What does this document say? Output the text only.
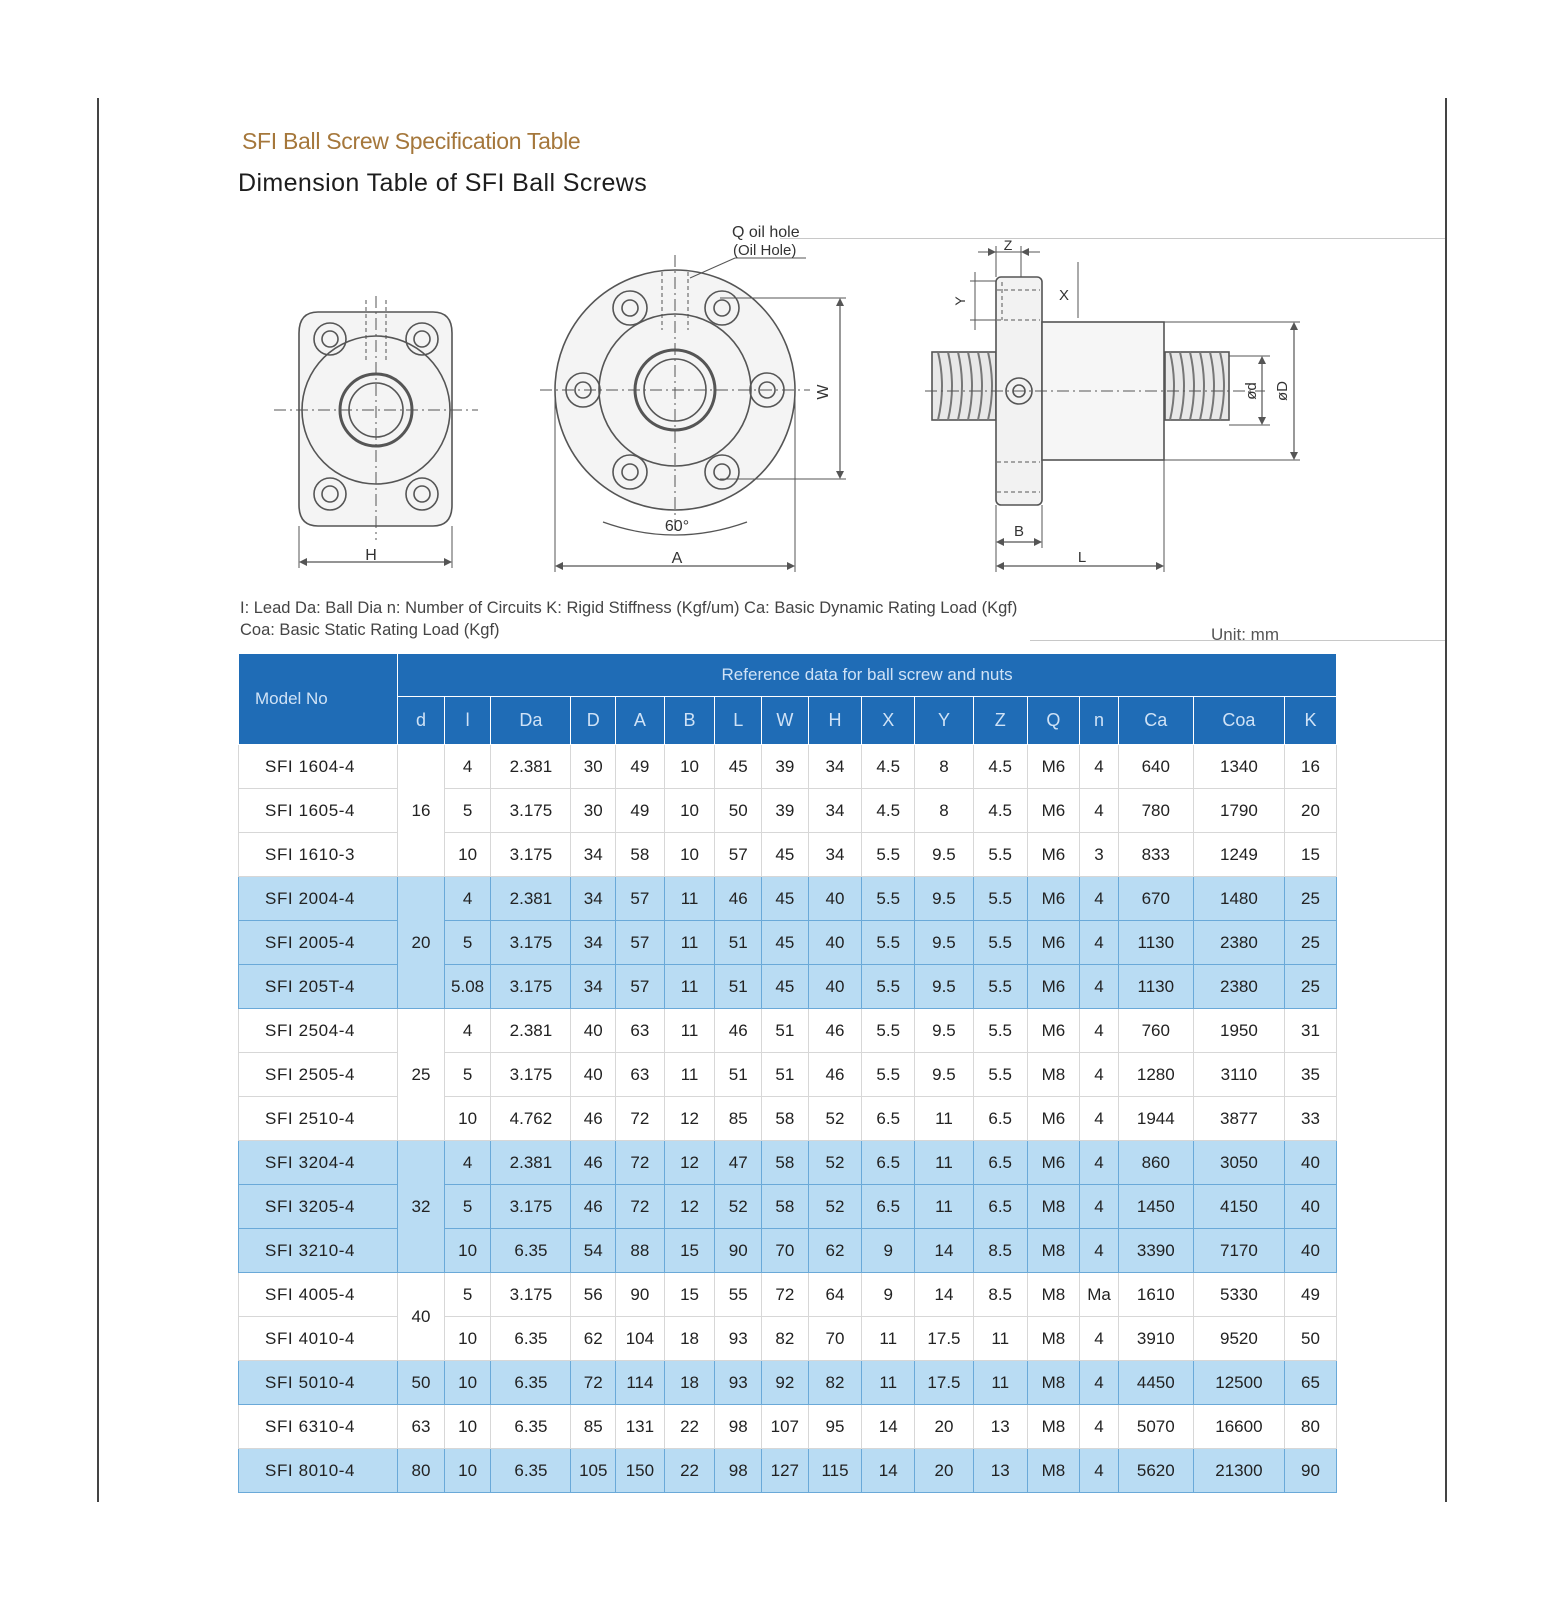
SFI Ball Screw Specification Table
Dimension Table of SFI Ball Screws
H
Q oil hole
(Oil Hole)
60°
A
W
Z
Y	X
B
L
ød øD
I: Lead Da: Ball Dia n: Number of Circuits K: Rigid Stiffness (Kgf/um) Ca: Basic Dynamic Rating Load (Kgf) Coa: Basic Static Rating Load (Kgf)	Unit: mm
Model No	Reference data for ball screw and nuts																
	d	l	Da	D	A	B	L	W	H	X	Y	Z	Q	n	Ca	Coa	K
SFI 1604-4	16	4	2.381	30	49	10	45	39	34	4.5	8	4.5	M6	4	640	1340	16
SFI 1605-4		5	3.175	30	49	10	50	39	34	4.5	8	4.5	M6	4	780	1790	20
SFI 1610-3		10	3.175	34	58	10	57	45	34	5.5	9.5	5.5	M6	3	833	1249	15
SFI 2004-4	20	4	2.381	34	57	11	46	45	40	5.5	9.5	5.5	M6	4	670	1480	25
SFI 2005-4		5	3.175	34	57	11	51	45	40	5.5	9.5	5.5	M6	4	1130	2380	25
SFI 205T-4		5.08	3.175	34	57	11	51	45	40	5.5	9.5	5.5	M6	4	1130	2380	25
SFI 2504-4	25	4	2.381	40	63	11	46	51	46	5.5	9.5	5.5	M6	4	760	1950	31
SFI 2505-4		5	3.175	40	63	11	51	51	46	5.5	9.5	5.5	M8	4	1280	3110	35
SFI 2510-4		10	4.762	46	72	12	85	58	52	6.5	11	6.5	M6	4	1944	3877	33
SFI 3204-4	32	4	2.381	46	72	12	47	58	52	6.5	11	6.5	M6	4	860	3050	40
SFI 3205-4		5	3.175	46	72	12	52	58	52	6.5	11	6.5	M8	4	1450	4150	40
SFI 3210-4		10	6.35	54	88	15	90	70	62	9	14	8.5	M8	4	3390	7170	40
SFI 4005-4	40	5	3.175	56	90	15	55	72	64	9	14	8.5	M8	Ma	1610	5330	49
SFI 4010-4		10	6.35	62	104	18	93	82	70	11	17.5	11	M8	4	3910	9520	50
SFI 5010-4	50	10	6.35	72	114	18	93	92	82	11	17.5	11	M8	4	4450	12500	65
SFI 6310-4	63	10	6.35	85	131	22	98	107	95	14	20	13	M8	4	5070	16600	80
SFI 8010-4	80	10	6.35	105	150	22	98	127	115	14	20	13	M8	4	5620	21300	90
